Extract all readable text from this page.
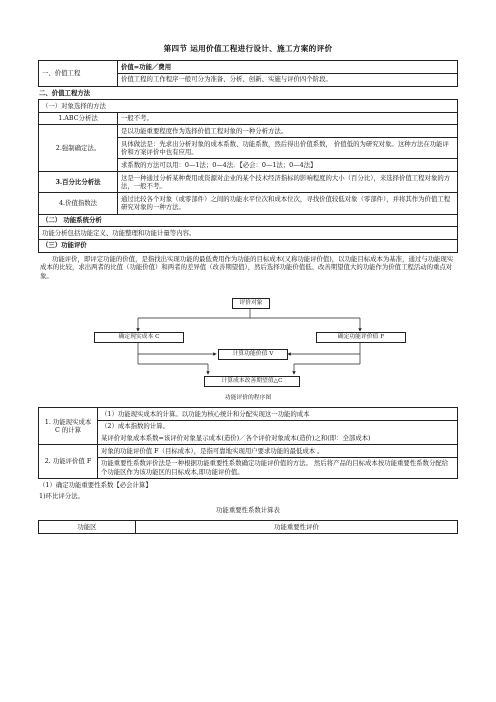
第四节 运用价值工程进行设计、施工方案的评价
一、价值工程	价值=功能／费用
价值工程的工作程序一般可分为准备、分析、创新、实施与评价四个阶段。
二、价值工程方法
（一）对象选择的方法	
1.ABC分析法	一般不考。
2.强制确定法。	是以功能重要程度作为选择价值工程对象的一种分析方法。
	具体做法是：先求出分析对象的成本系数、功能系数，然后得出价值系数， 价值低的为研究对象。这种方法在功能评价和方案评价中也有应用。
	求系数的方法可以用：0—1法；0—4法．【必会：0—1法；0—4法】
3.百分比分析法	这是一种通过分析某种费用或资源对企业的某个技术经济指标的影响程度的大小（百分比），来选择价值工程对象的方法，一般不考。
4.价值指数法	通过比较各个对象（或零部件）之间的功能水平位次和成本位次，寻找价值较低对象（零部件），并将其作为价值工程研究对象的一种方法。
（二） 功能系统分析	
功能分析包括功能定义、功能整理和功能计量等内容。	
（三）功能评价	
功能评价，即评定功能的价值，是指找出实现功能的最低费用作为功能的目标成本(又称功能评价值)，以功能目标成本为基准，通过与功能现实成本的比较，求出两者的比值（功能价值）和两者的差异值（改善期望值），然后选择功能价值低、改善期望值大的功能作为价值工程活动的重点对象。
评价对象
确定现实成本 C	确定功能评价值 F
计算功能价值 V
计算成本改善期望值△C
功能评价的程序图
1. 功能现实成本 C 的计算	（1）功能现实成本的计算。以功能为核心统计和分配实现这一功能的成本
	（2）成本指数的计算。
	某评价对象成本系数=该评价对象显示成本(造价)／各个评价对象成本(造价)之和(即：全部成本)
2. 功能评价值 F	对象的功能评价值 F（目标成本），是指可靠地实现用户要求功能的最低成本 。
	功能重要性系数评价法是一种根据功能重要性系数确定功能评价值的方法。 然后将产品的目标成本按功能重要性系数分配给个功能区作为该功能区的目标成本,即功能评价值。
（1）确定功能重要性系数【必会计算】
1)环比评分法。
功能重要性系数计算表
功能区	功能重要性评价
